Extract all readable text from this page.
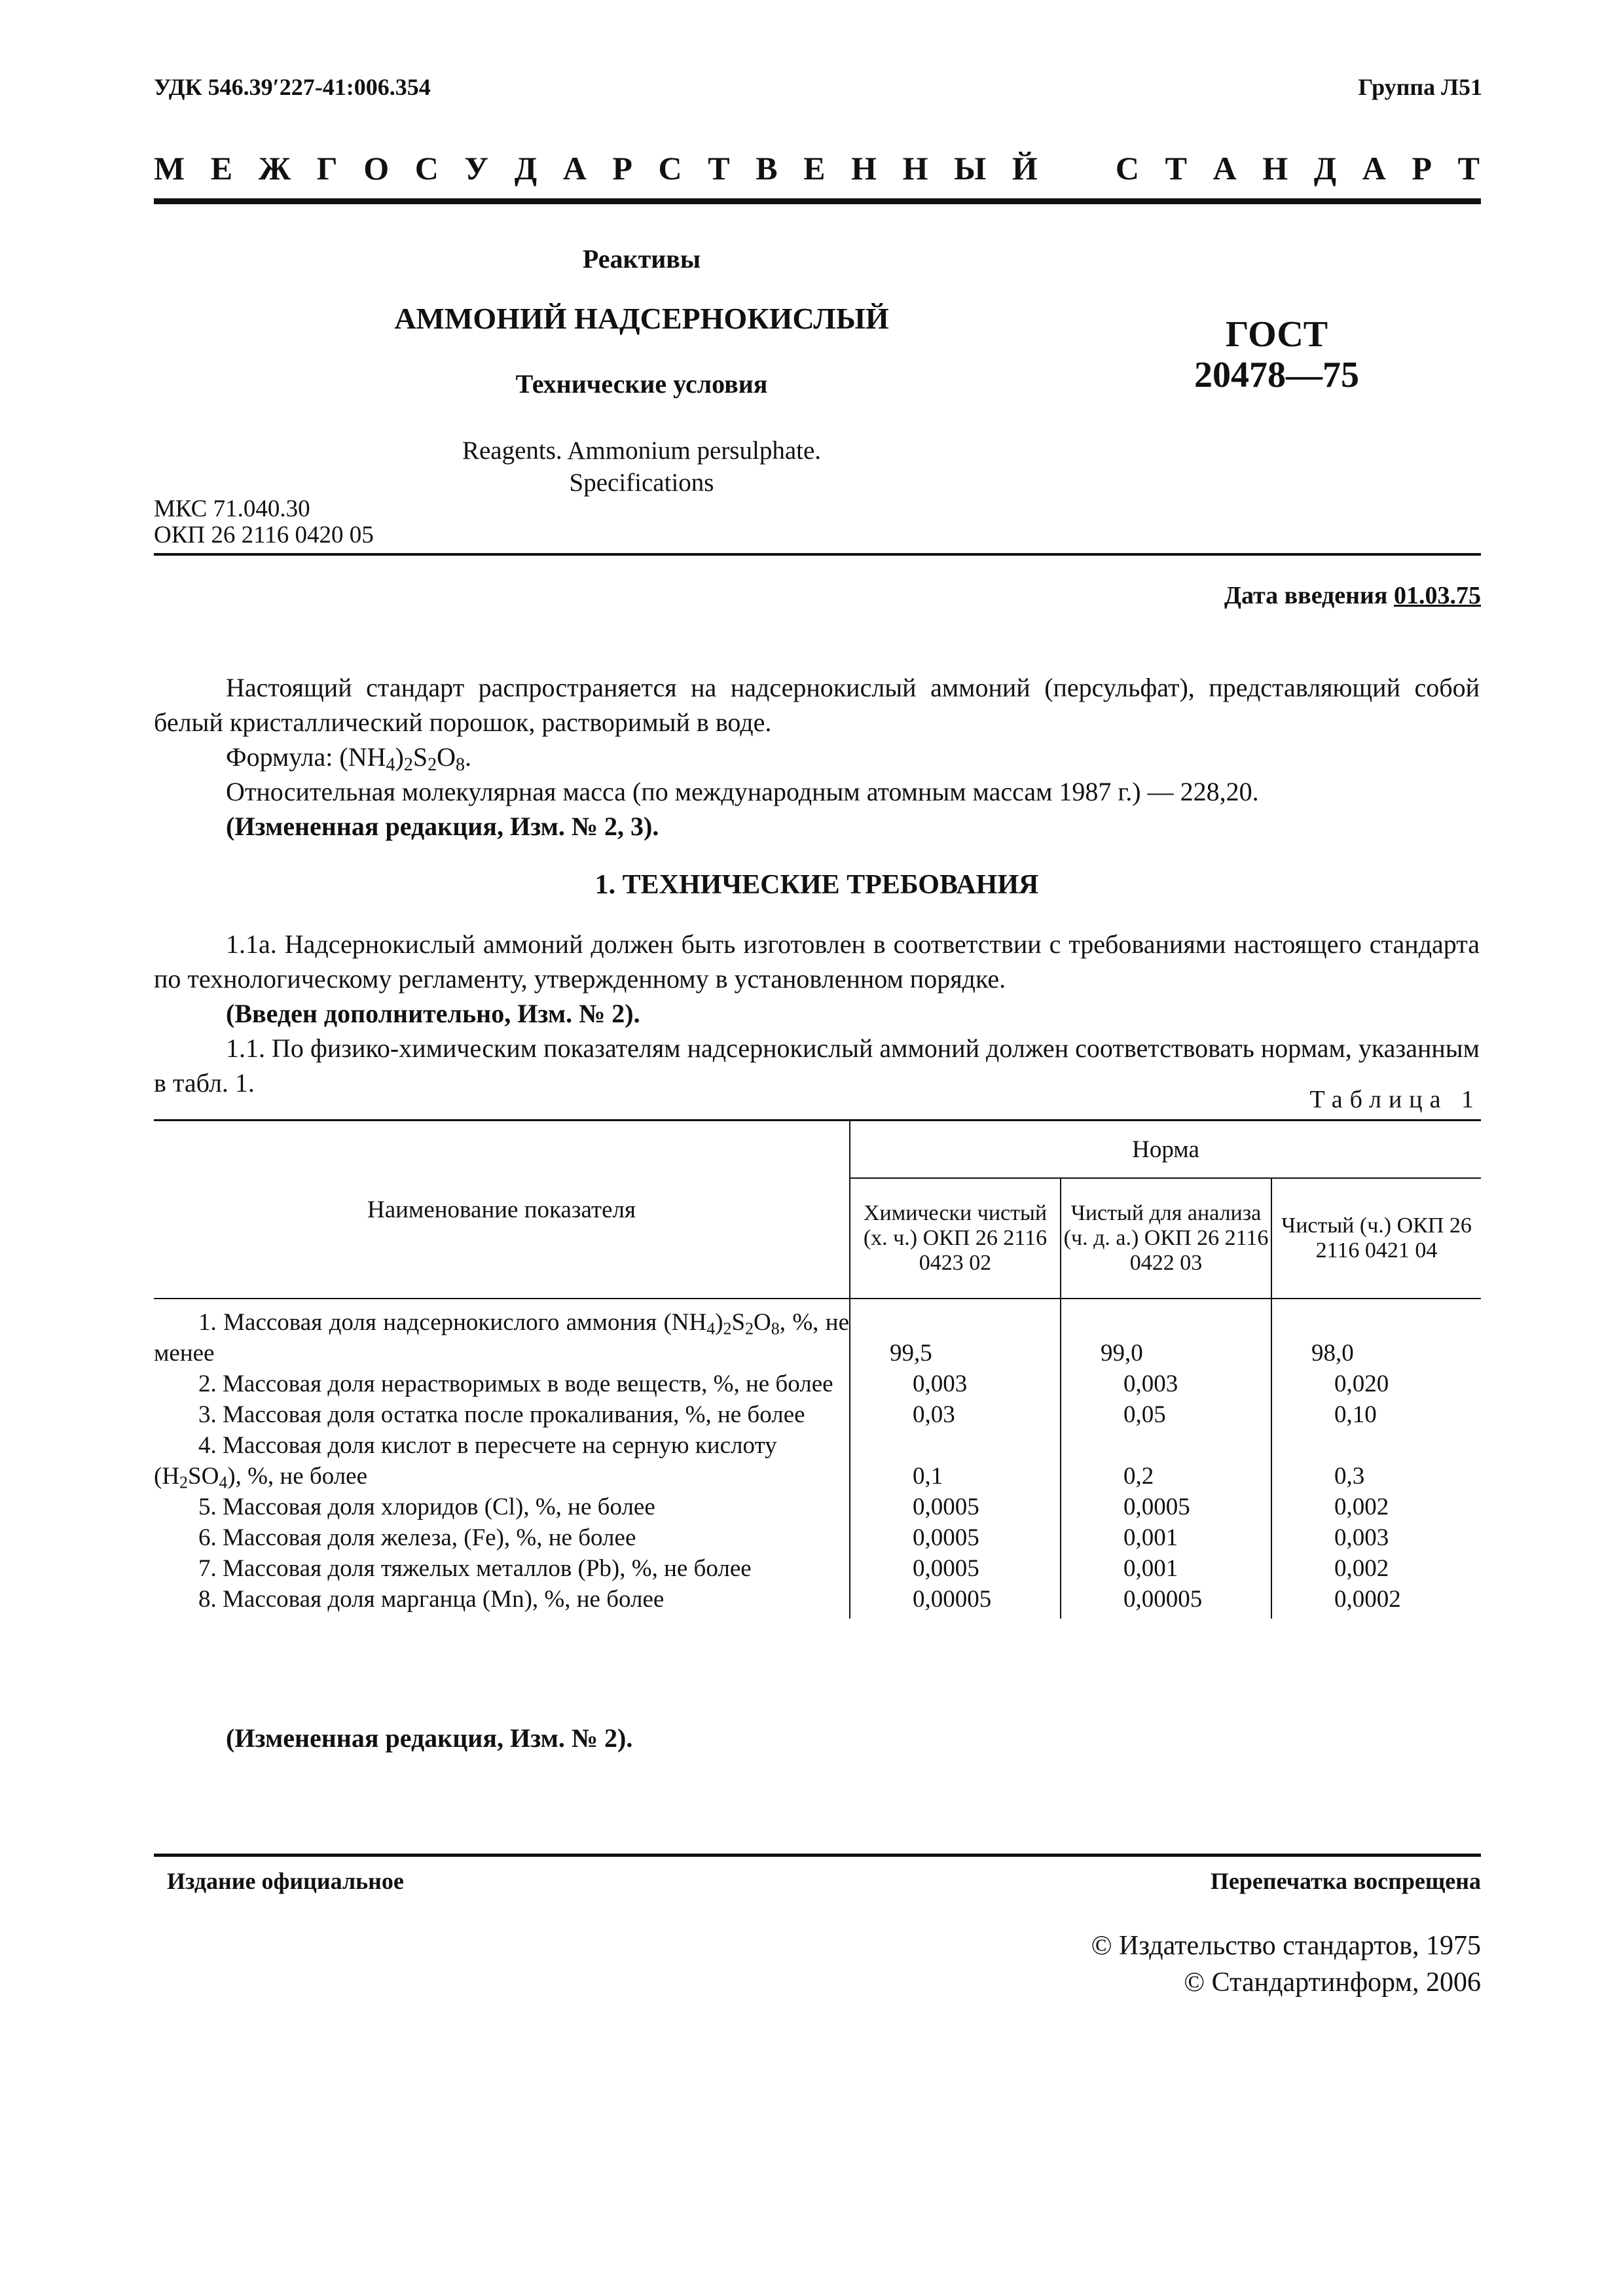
УДК 546.39′227-41:006.354	Группа Л51
М Е Ж Г О С У Д А Р С Т В Е Н Н Ы Й С Т А Н Д А Р Т
Реактивы
АММОНИЙ НАДСЕРНОКИСЛЫЙ
Технические условия
Reagents. Ammonium persulphate.
Specifications
ГОСТ
20478—75
МКС 71.040.30
ОКП 26 2116 0420 05
Дата введения 01.03.75
Настоящий стандарт распространяется на надсернокислый аммоний (персульфат), представляющий собой белый кристаллический порошок, растворимый в воде.
Формула: $(NH_4)_2S_2O_8$.
Относительная молекулярная масса (по международным атомным массам 1987 г.) — 228,20.
(Измененная редакция, Изм. № 2, 3).
1. ТЕХНИЧЕСКИЕ ТРЕБОВАНИЯ
1.1а. Надсернокислый аммоний должен быть изготовлен в соответствии с требованиями настоящего стандарта по технологическому регламенту, утвержденному в установленном порядке.
(Введен дополнительно, Изм. № 2).
1.1. По физико-химическим показателям надсернокислый аммоний должен соответствовать нормам, указанным в табл. 1.
Таблица 1
Наименование показателя	Норма		
	Химически чистый (х. ч.) ОКП 26 2116 0423 02	Чистый для анализа (ч. д. а.) ОКП 26 2116 0422 03	Чистый (ч.) ОКП 26 2116 0421 04
1. Массовая доля надсернокислого аммония $(NH_4)_2S_2O_8$, %, не менее	99,5	99,0	98,0
2. Массовая доля нерастворимых в воде веществ, %, не более	0,003	0,003	0,020
3. Массовая доля остатка после прокаливания, %, не более	0,03	0,05	0,10
4. Массовая доля кислот в пересчете на серную кислоту $(H_2SO_4)$, %, не более	0,1	0,2	0,3
5. Массовая доля хлоридов (Cl), %, не более	0,0005	0,0005	0,002
6. Массовая доля железа, (Fe), %, не более	0,0005	0,001	0,003
7. Массовая доля тяжелых металлов (Pb), %, не более	0,0005	0,001	0,002
8. Массовая доля марганца (Mn), %, не более	0,00005	0,00005	0,0002
(Измененная редакция, Изм. № 2).
Издание официальное	Перепечатка воспрещена
© Издательство стандартов, 1975
© Стандартинформ, 2006
